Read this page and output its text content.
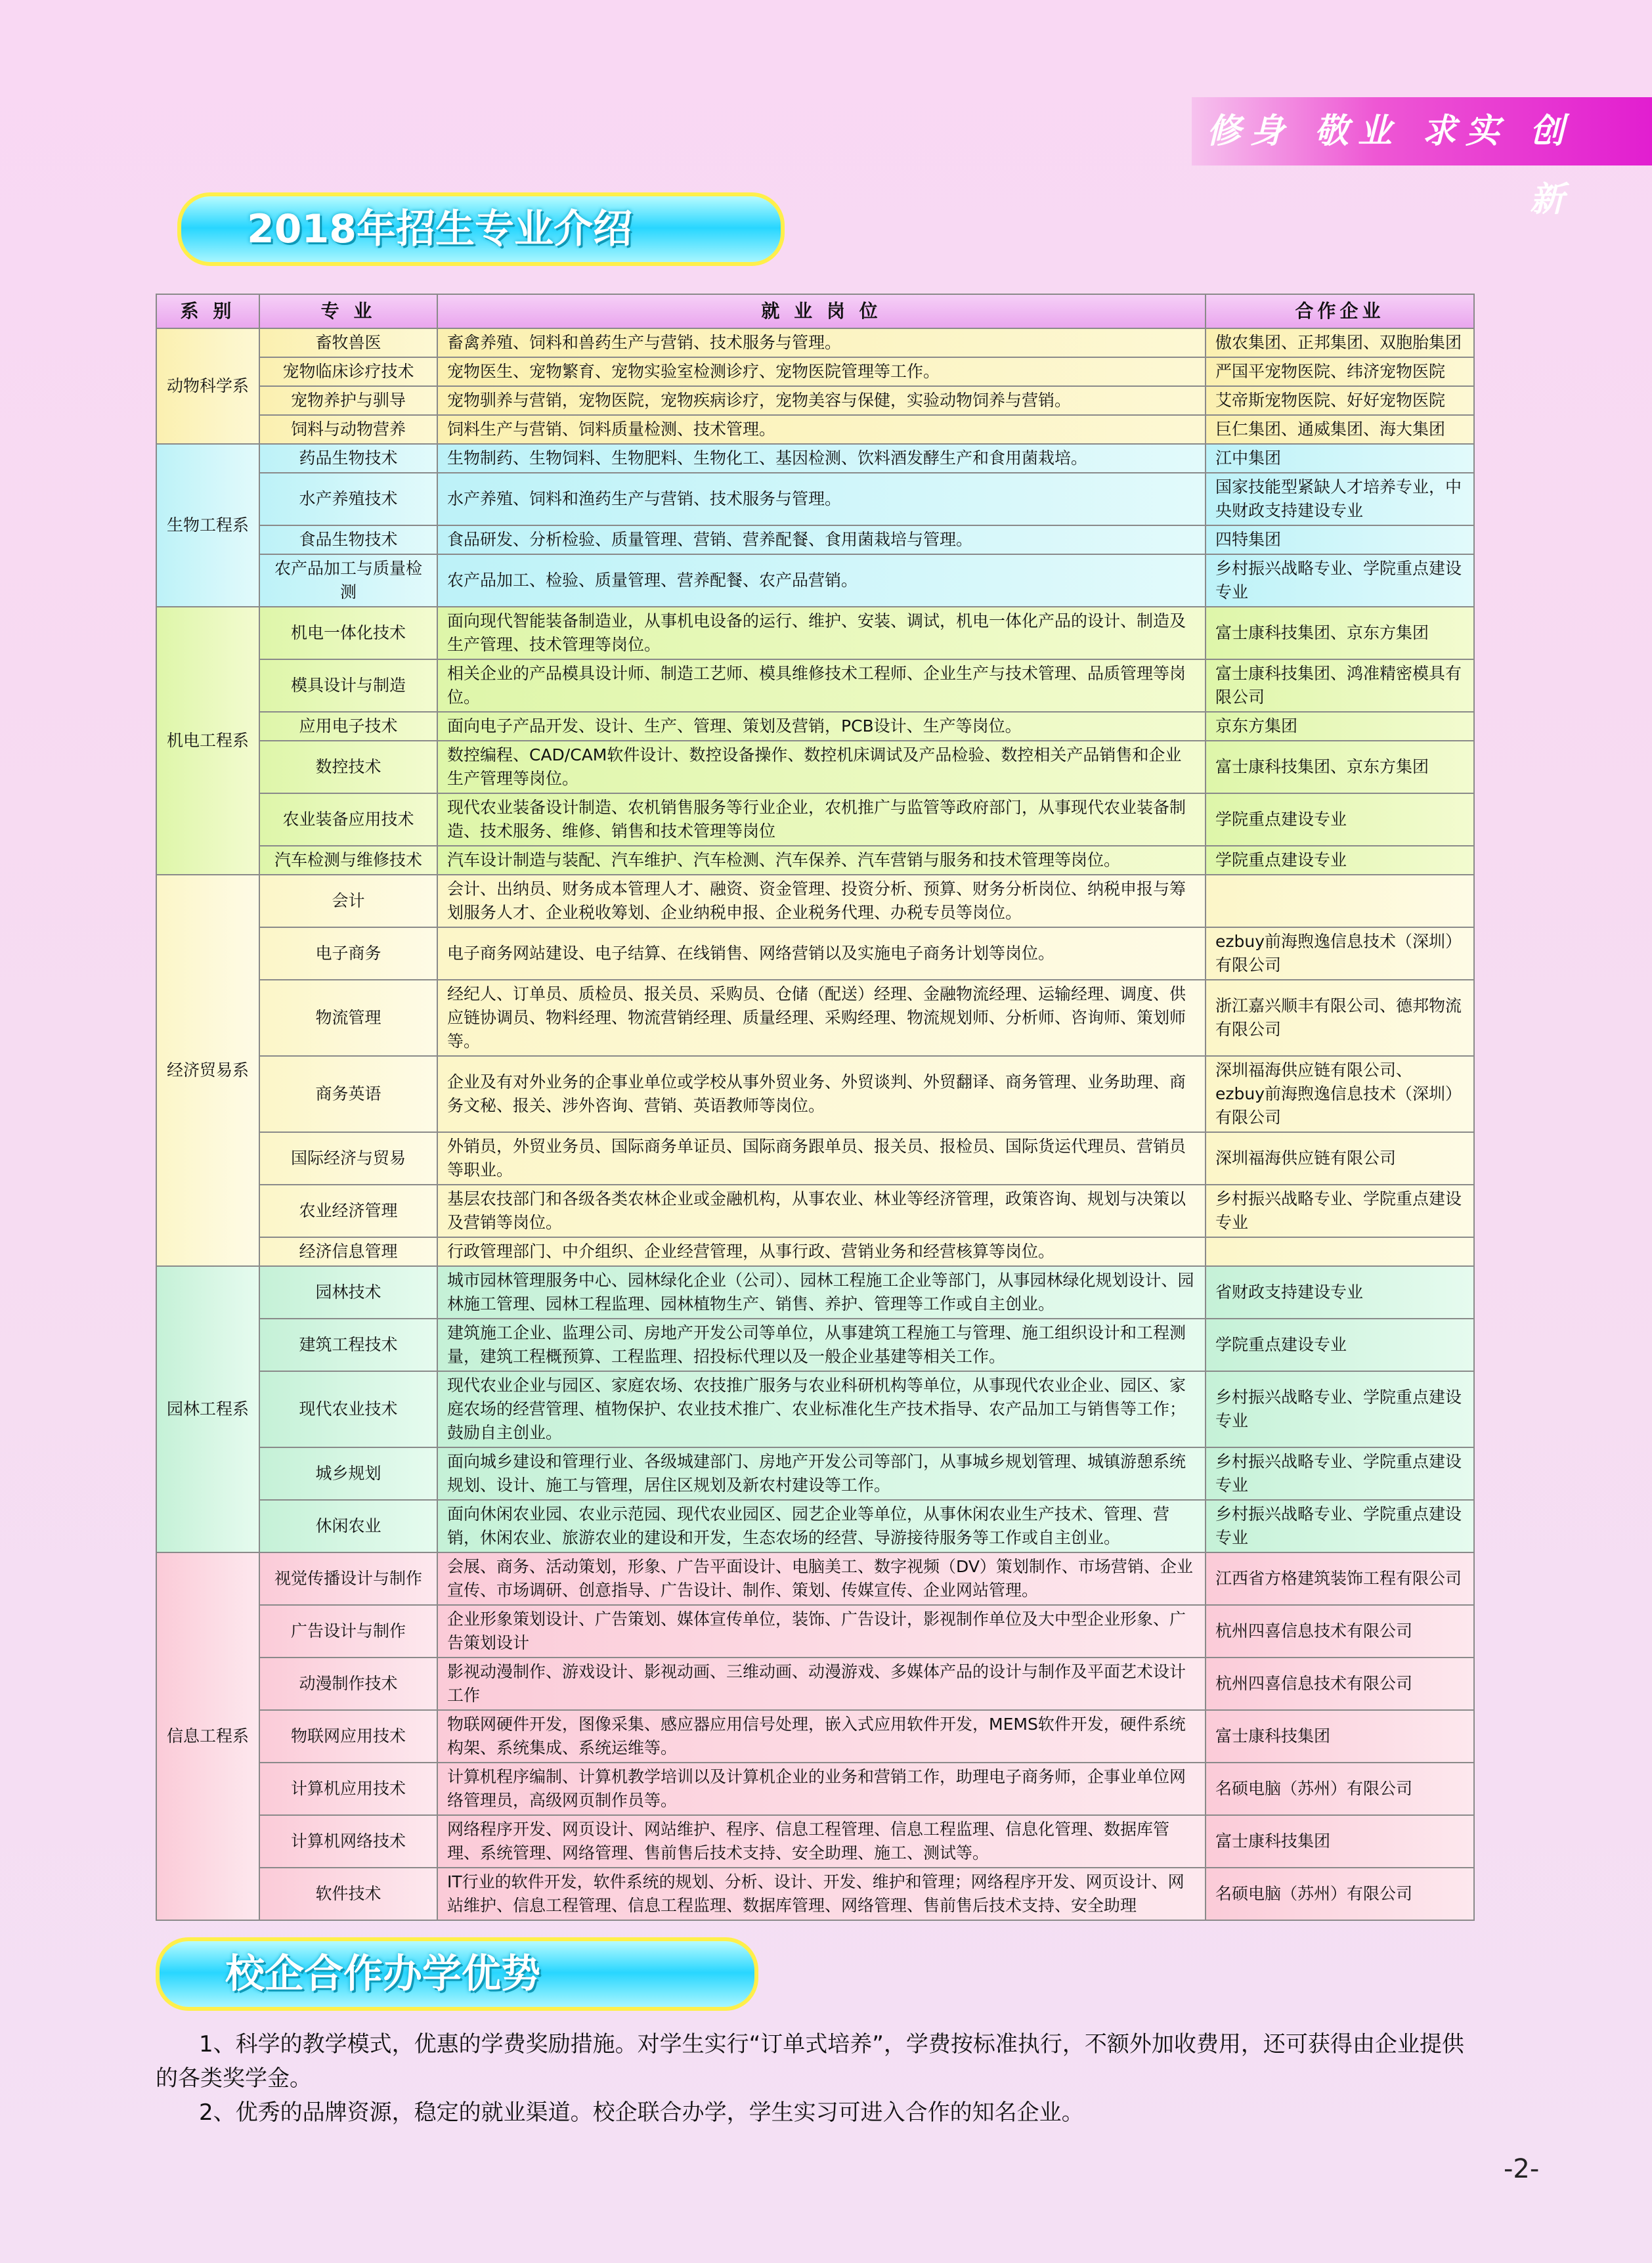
修身 敬业 求实 创新
2018年招生专业介绍
系 别	专 业	就 业 岗 位	合作企业
动物科学系	畜牧兽医	畜禽养殖、饲料和兽药生产与营销、技术服务与管理。	傲农集团、正邦集团、双胞胎集团
	宠物临床诊疗技术	宠物医生、宠物繁育、宠物实验室检测诊疗、宠物医院管理等工作。	严国平宠物医院、纬济宠物医院
	宠物养护与驯导	宠物驯养与营销，宠物医院，宠物疾病诊疗，宠物美容与保健，实验动物饲养与营销。	艾帝斯宠物医院、好好宠物医院
	饲料与动物营养	饲料生产与营销、饲料质量检测、技术管理。	巨仁集团、通威集团、海大集团
生物工程系	药品生物技术	生物制药、生物饲料、生物肥料、生物化工、基因检测、饮料酒发酵生产和食用菌栽培。	江中集团
	水产养殖技术	水产养殖、饲料和渔药生产与营销、技术服务与管理。	国家技能型紧缺人才培养专业，中央财政支持建设专业
	食品生物技术	食品研发、分析检验、质量管理、营销、营养配餐、食用菌栽培与管理。	四特集团
	农产品加工与质量检测	农产品加工、检验、质量管理、营养配餐、农产品营销。	乡村振兴战略专业、学院重点建设专业
机电工程系	机电一体化技术	面向现代智能装备制造业，从事机电设备的运行、维护、安装、调试，机电一体化产品的设计、制造及生产管理、技术管理等岗位。	富士康科技集团、京东方集团
	模具设计与制造	相关企业的产品模具设计师、制造工艺师、模具维修技术工程师、企业生产与技术管理、品质管理等岗位。	富士康科技集团、鸿准精密模具有限公司
	应用电子技术	面向电子产品开发、设计、生产、管理、策划及营销，PCB设计、生产等岗位。	京东方集团
	数控技术	数控编程、CAD/CAM软件设计、数控设备操作、数控机床调试及产品检验、数控相关产品销售和企业生产管理等岗位。	富士康科技集团、京东方集团
	农业装备应用技术	现代农业装备设计制造、农机销售服务等行业企业，农机推广与监管等政府部门，从事现代农业装备制造、技术服务、维修、销售和技术管理等岗位	学院重点建设专业
	汽车检测与维修技术	汽车设计制造与装配、汽车维护、汽车检测、汽车保养、汽车营销与服务和技术管理等岗位。	学院重点建设专业
经济贸易系	会计	会计、出纳员、财务成本管理人才、融资、资金管理、投资分析、预算、财务分析岗位、纳税申报与筹划服务人才、企业税收筹划、企业纳税申报、企业税务代理、办税专员等岗位。	
	电子商务	电子商务网站建设、电子结算、在线销售、网络营销以及实施电子商务计划等岗位。	ezbuy前海煦逸信息技术（深圳）有限公司
	物流管理	经纪人、订单员、质检员、报关员、采购员、仓储（配送）经理、金融物流经理、运输经理、调度、供应链协调员、物料经理、物流营销经理、质量经理、采购经理、物流规划师、分析师、咨询师、策划师等。	浙江嘉兴顺丰有限公司、德邦物流有限公司
	商务英语	企业及有对外业务的企事业单位或学校从事外贸业务、外贸谈判、外贸翻译、商务管理、业务助理、商务文秘、报关、涉外咨询、营销、英语教师等岗位。	深圳福海供应链有限公司、 ezbuy前海煦逸信息技术（深圳）有限公司
	国际经济与贸易	外销员，外贸业务员、国际商务单证员、国际商务跟单员、报关员、报检员、国际货运代理员、营销员等职业。	深圳福海供应链有限公司
	农业经济管理	基层农技部门和各级各类农林企业或金融机构，从事农业、林业等经济管理，政策咨询、规划与决策以及营销等岗位。	乡村振兴战略专业、学院重点建设专业
	经济信息管理	行政管理部门、中介组织、企业经营管理，从事行政、营销业务和经营核算等岗位。	
园林工程系	园林技术	城市园林管理服务中心、园林绿化企业（公司）、园林工程施工企业等部门，从事园林绿化规划设计、园林施工管理、园林工程监理、园林植物生产、销售、养护、管理等工作或自主创业。	省财政支持建设专业
	建筑工程技术	建筑施工企业、监理公司、房地产开发公司等单位，从事建筑工程施工与管理、施工组织设计和工程测量，建筑工程概预算、工程监理、招投标代理以及一般企业基建等相关工作。	学院重点建设专业
	现代农业技术	现代农业企业与园区、家庭农场、农技推广服务与农业科研机构等单位，从事现代农业企业、园区、家庭农场的经营管理、植物保护、农业技术推广、农业标准化生产技术指导、农产品加工与销售等工作；鼓励自主创业。	乡村振兴战略专业、学院重点建设专业
	城乡规划	面向城乡建设和管理行业、各级城建部门、房地产开发公司等部门，从事城乡规划管理、城镇游憩系统规划、设计、施工与管理，居住区规划及新农村建设等工作。	乡村振兴战略专业、学院重点建设专业
	休闲农业	面向休闲农业园、农业示范园、现代农业园区、园艺企业等单位，从事休闲农业生产技术、管理、营销，休闲农业、旅游农业的建设和开发，生态农场的经营、导游接待服务等工作或自主创业。	乡村振兴战略专业、学院重点建设专业
信息工程系	视觉传播设计与制作	会展、商务、活动策划，形象、广告平面设计、电脑美工、数字视频（DV）策划制作、市场营销、企业宣传、市场调研、创意指导、广告设计、制作、策划、传媒宣传、企业网站管理。	江西省方格建筑装饰工程有限公司
	广告设计与制作	企业形象策划设计、广告策划、媒体宣传单位，装饰、广告设计，影视制作单位及大中型企业形象、广告策划设计	杭州四喜信息技术有限公司
	动漫制作技术	影视动漫制作、游戏设计、影视动画、三维动画、动漫游戏、多媒体产品的设计与制作及平面艺术设计工作	杭州四喜信息技术有限公司
	物联网应用技术	物联网硬件开发，图像采集、感应器应用信号处理，嵌入式应用软件开发，MEMS软件开发，硬件系统构架、系统集成、系统运维等。	富士康科技集团
	计算机应用技术	计算机程序编制、计算机教学培训以及计算机企业的业务和营销工作，助理电子商务师，企事业单位网络管理员，高级网页制作员等。	名硕电脑（苏州）有限公司
	计算机网络技术	网络程序开发、网页设计、网站维护、程序、信息工程管理、信息工程监理、信息化管理、数据库管理、系统管理、网络管理、售前售后技术支持、安全助理、施工、测试等。	富士康科技集团
	软件技术	IT行业的软件开发，软件系统的规划、分析、设计、开发、维护和管理；网络程序开发、网页设计、网站维护、信息工程管理、信息工程监理、数据库管理、网络管理、售前售后技术支持、安全助理	名硕电脑（苏州）有限公司
校企合作办学优势

1、科学的教学模式，优惠的学费奖励措施。对学生实行“订单式培养”，学费按标准执行，不额外加收费用，还可获得由企业提供的各类奖学金。

2、优秀的品牌资源，稳定的就业渠道。校企联合办学，学生实习可进入合作的知名企业。

-2-
